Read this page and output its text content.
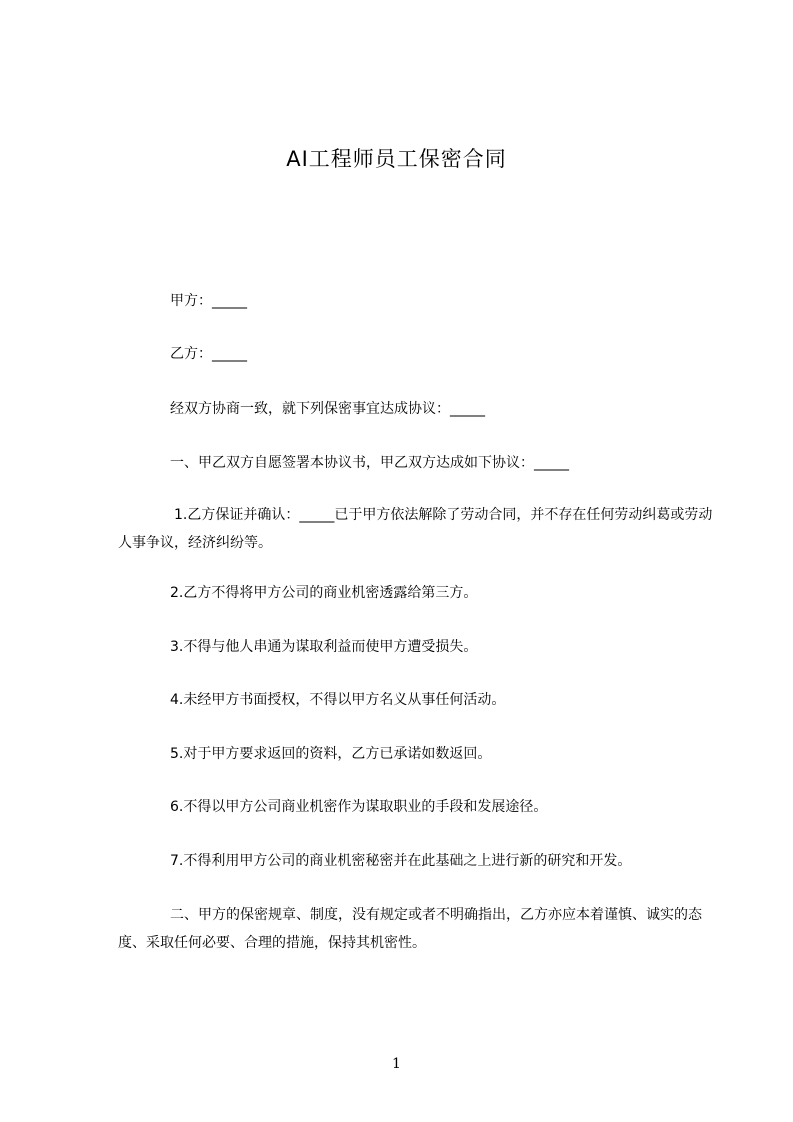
AI工程师员工保密合同
甲方：_____
乙方：_____
经双方协商一致，就下列保密事宜达成协议：_____
一、甲乙双方自愿签署本协议书，甲乙双方达成如下协议：_____
1.乙方保证并确认：_____已于甲方依法解除了劳动合同，并不存在任何劳动纠葛或劳动人事争议，经济纠纷等。
2.乙方不得将甲方公司的商业机密透露给第三方。
3.不得与他人串通为谋取利益而使甲方遭受损失。
4.未经甲方书面授权，不得以甲方名义从事任何活动。
5.对于甲方要求返回的资料，乙方已承诺如数返回。
6.不得以甲方公司商业机密作为谋取职业的手段和发展途径。
7.不得利用甲方公司的商业机密秘密并在此基础之上进行新的研究和开发。
二、甲方的保密规章、制度，没有规定或者不明确指出，乙方亦应本着谨慎、诚实的态度、采取任何必要、合理的措施，保持其机密性。
1
